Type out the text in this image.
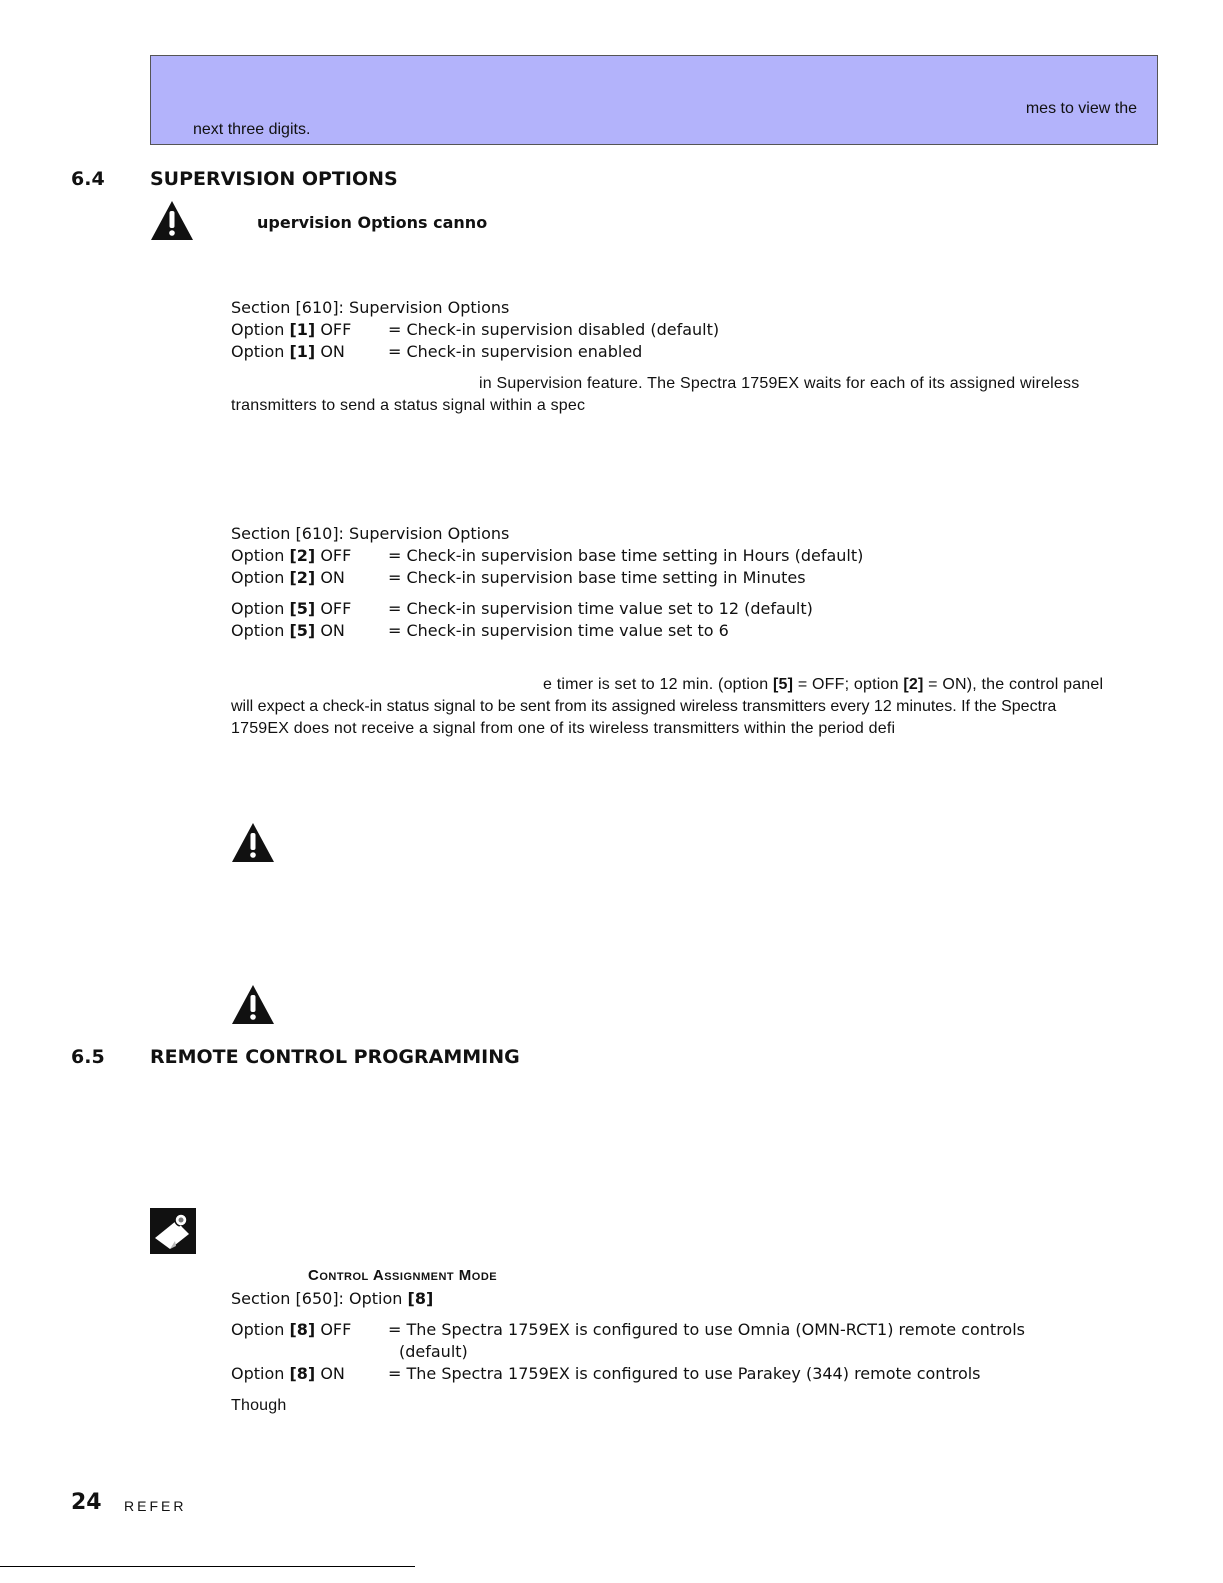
mes to view the
next three digits.
6.4 SUPERVISION OPTIONS
upervision Options canno
Section [610]: Supervision Options
Option [1] OFF = Check-in supervision disabled (default)
Option [1] ON	= Check-in supervision enabled
in Supervision feature. The Spectra 1759EX waits for each of its assigned wireless
transmitters to send a status signal within a spec
Section [610]: Supervision Options
Option [2] OFF = Check-in supervision base time setting in Hours (default)
Option [2] ON	= Check-in supervision base time setting in Minutes
Option [5] OFF = Check-in supervision time value set to 12 (default)
Option [5] ON	= Check-in supervision time value set to 6
e timer is set to 12 min. (option [5] = OFF; option [2] = ON), the control panel
will expect a check-in status signal to be sent from its assigned wireless transmitters every 12 minutes. If the Spectra
1759EX does not receive a signal from one of its wireless transmitters within the period defi
6.5 REMOTE CONTROL PROGRAMMING
Control Assignment Mode
Section [650]: Option [8]
Option [8] OFF = The Spectra 1759EX is configured to use Omnia (OMN-RCT1) remote controls
(default)
Option [8] ON	= The Spectra 1759EX is configured to use Parakey (344) remote controls
Though
24 REFER
